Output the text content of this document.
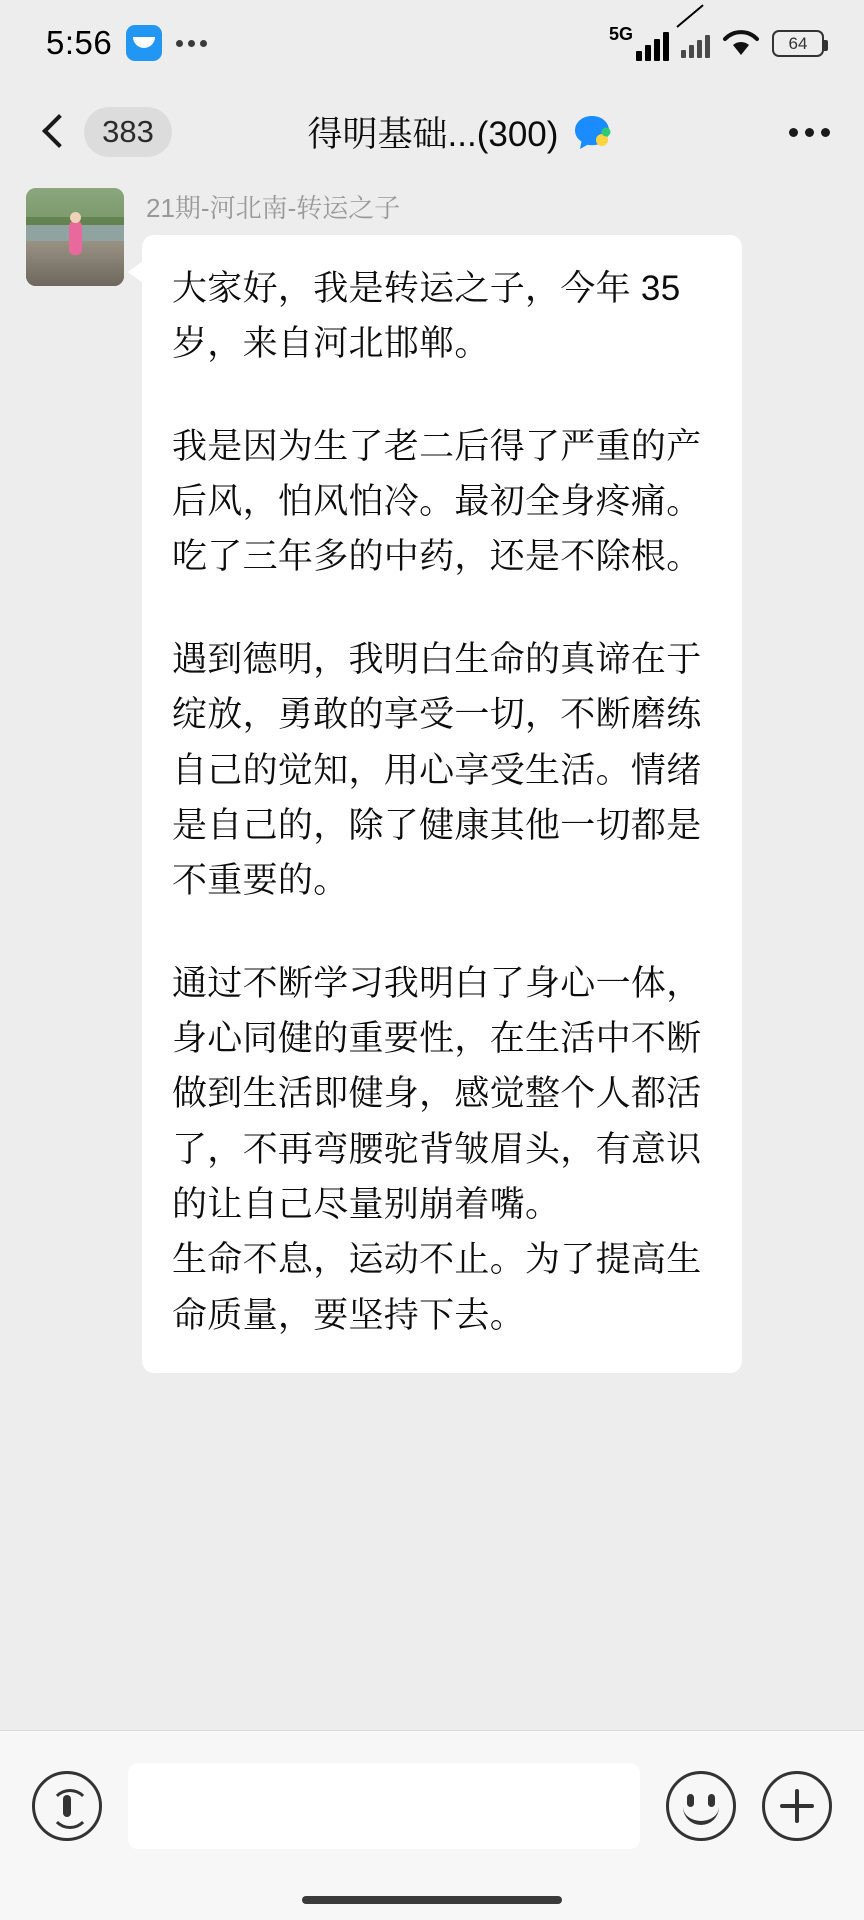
5:56	5G	64
383	得明基础...(300)
21期-河北南-转运之子

大家好，我是转运之子，今年 35 岁，来自河北邯郸。

我是因为生了老二后得了严重的产后风，怕风怕冷。最初全身疼痛。吃了三年多的中药，还是不除根。

遇到德明，我明白生命的真谛在于绽放，勇敢的享受一切，不断磨练自己的觉知，用心享受生活。情绪是自己的，除了健康其他一切都是不重要的。

通过不断学习我明白了身心一体，身心同健的重要性，在生活中不断做到生活即健身，感觉整个人都活了，不再弯腰驼背皱眉头，有意识的让自己尽量别崩着嘴。

生命不息，运动不止。为了提高生命质量，要坚持下去。
